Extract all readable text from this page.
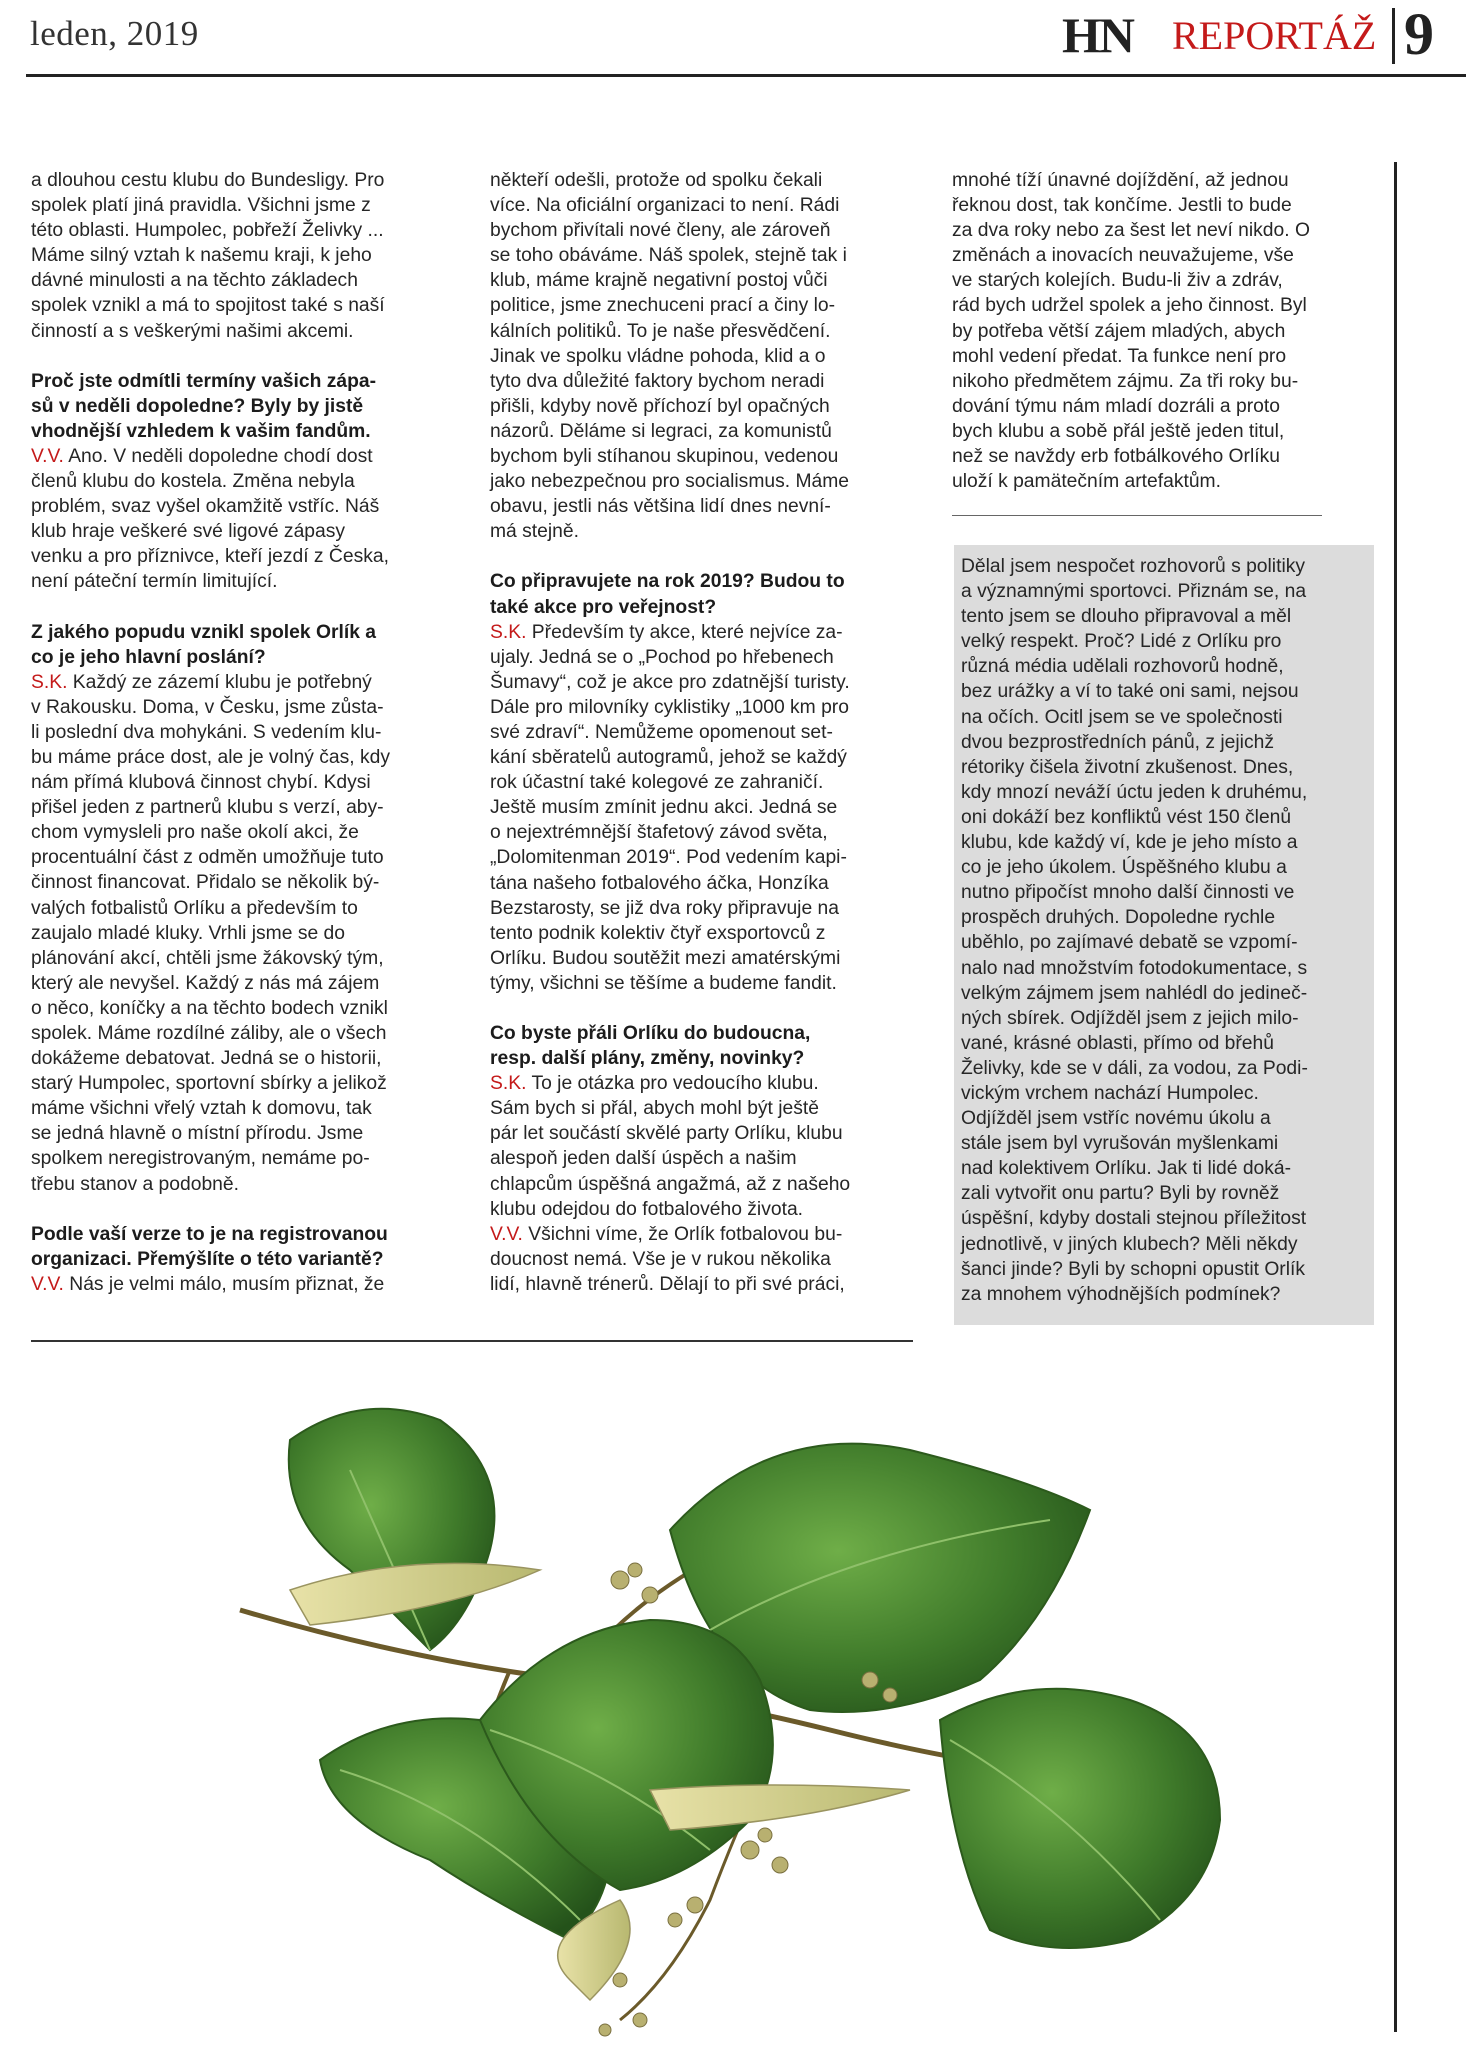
leden, 2019	HN REPORTÁŽ 9

a dlouhou cestu klubu do Bundesligy. Pro

spolek platí jiná pravidla. Všichni jsme z

této oblasti. Humpolec, pobřeží Želivky ...

Máme silný vztah k našemu kraji, k jeho

dávné minulosti a na těchto základech

spolek vznikl a má to spojitost také s naší

činností a s veškerými našimi akcemi.

Proč jste odmítli termíny vašich zápa-

sů v neděli dopoledne? Byly by jistě

vhodnější vzhledem k vašim fandům.

V.V. Ano. V neděli dopoledne chodí dost

členů klubu do kostela. Změna nebyla

problém, svaz vyšel okamžitě vstříc. Náš

klub hraje veškeré své ligové zápasy

venku a pro příznivce, kteří jezdí z Česka,

není páteční termín limitující.

Z jakého popudu vznikl spolek Orlík a

co je jeho hlavní poslání?

S.K. Každý ze zázemí klubu je potřebný

v Rakousku. Doma, v Česku, jsme zůsta-

li poslední dva mohykáni. S vedením klu-

bu máme práce dost, ale je volný čas, kdy

nám přímá klubová činnost chybí. Kdysi

přišel jeden z partnerů klubu s verzí, aby-

chom vymysleli pro naše okolí akci, že

procentuální část z odměn umožňuje tuto

činnost financovat. Přidalo se několik bý-

valých fotbalistů Orlíku a především to

zaujalo mladé kluky. Vrhli jsme se do

plánování akcí, chtěli jsme žákovský tým,

který ale nevyšel. Každý z nás má zájem

o něco, koníčky a na těchto bodech vznikl

spolek. Máme rozdílné záliby, ale o všech

dokážeme debatovat. Jedná se o historii,

starý Humpolec, sportovní sbírky a jelikož

máme všichni vřelý vztah k domovu, tak

se jedná hlavně o místní přírodu. Jsme

spolkem neregistrovaným, nemáme po-

třebu stanov a podobně.

Podle vaší verze to je na registrovanou

organizaci. Přemýšlíte o této variantě?

V.V. Nás je velmi málo, musím přiznat, že

někteří odešli, protože od spolku čekali

více. Na oficiální organizaci to není. Rádi

bychom přivítali nové členy, ale zároveň

se toho obáváme. Náš spolek, stejně tak i

klub, máme krajně negativní postoj vůči

politice, jsme znechuceni prací a činy lo-

kálních politiků. To je naše přesvědčení.

Jinak ve spolku vládne pohoda, klid a o

tyto dva důležité faktory bychom neradi

přišli, kdyby nově příchozí byl opačných

názorů. Děláme si legraci, za komunistů

bychom byli stíhanou skupinou, vedenou

jako nebezpečnou pro socialismus. Máme

obavu, jestli nás většina lidí dnes nevní-

má stejně.

Co připravujete na rok 2019? Budou to

také akce pro veřejnost?

S.K. Především ty akce, které nejvíce za-

ujaly. Jedná se o „Pochod po hřebenech

Šumavy“, což je akce pro zdatnější turisty.

Dále pro milovníky cyklistiky „1000 km pro

své zdraví“. Nemůžeme opomenout set-

kání sběratelů autogramů, jehož se každý

rok účastní také kolegové ze zahraničí.

Ještě musím zmínit jednu akci. Jedná se

o nejextrémnější štafetový závod světa,

„Dolomitenman 2019“. Pod vedením kapi-

tána našeho fotbalového áčka, Honzíka

Bezstarosty, se již dva roky připravuje na

tento podnik kolektiv čtyř exsportovců z

Orlíku. Budou soutěžit mezi amatérskými

týmy, všichni se těšíme a budeme fandit.

Co byste přáli Orlíku do budoucna,

resp. další plány, změny, novinky?

S.K. To je otázka pro vedoucího klubu.

Sám bych si přál, abych mohl být ještě

pár let součástí skvělé party Orlíku, klubu

alespoň jeden další úspěch a našim

chlapcům úspěšná angažmá, až z našeho

klubu odejdou do fotbalového života.

V.V. Všichni víme, že Orlík fotbalovou bu-

doucnost nemá. Vše je v rukou několika

lidí, hlavně trénerů. Dělají to při své práci,

mnohé tíží únavné dojíždění, až jednou

řeknou dost, tak končíme. Jestli to bude

za dva roky nebo za šest let neví nikdo. O

změnách a inovacích neuvažujeme, vše

ve starých kolejích. Budu-li živ a zdráv,

rád bych udržel spolek a jeho činnost. Byl

by potřeba větší zájem mladých, abych

mohl vedení předat. Ta funkce není pro

nikoho předmětem zájmu. Za tři roky bu-

dování týmu nám mladí dozráli a proto

bych klubu a sobě přál ještě jeden titul,

než se navždy erb fotbálkového Orlíku

uloží k pamätečním artefaktům.

Dělal jsem nespočet rozhovorů s politiky

a významnými sportovci. Přiznám se, na

tento jsem se dlouho připravoval a měl

velký respekt. Proč? Lidé z Orlíku pro

různá média udělali rozhovorů hodně,

bez urážky a ví to také oni sami, nejsou

na očích. Ocitl jsem se ve společnosti

dvou bezprostředních pánů, z jejichž

rétoriky čišela životní zkušenost. Dnes,

kdy mnozí neváží úctu jeden k druhému,

oni dokáží bez konfliktů vést 150 členů

klubu, kde každý ví, kde je jeho místo a

co je jeho úkolem. Úspěšného klubu a

nutno připočíst mnoho další činnosti ve

prospěch druhých. Dopoledne rychle

uběhlo, po zajímavé debatě se vzpomí-

nalo nad množstvím fotodokumentace, s

velkým zájmem jsem nahlédl do jedineč-

ných sbírek. Odjížděl jsem z jejich milo-

vané, krásné oblasti, přímo od břehů

Želivky, kde se v dáli, za vodou, za Podi-

vickým vrchem nachází Humpolec.

Odjížděl jsem vstříc novému úkolu a

stále jsem byl vyrušován myšlenkami

nad kolektivem Orlíku. Jak ti lidé doká-

zali vytvořit onu partu? Byli by rovněž

úspěšní, kdyby dostali stejnou příležitost

jednotlivě, v jiných klubech? Měli někdy

šanci jinde? Byli by schopni opustit Orlík

za mnohem výhodnějších podmínek?
